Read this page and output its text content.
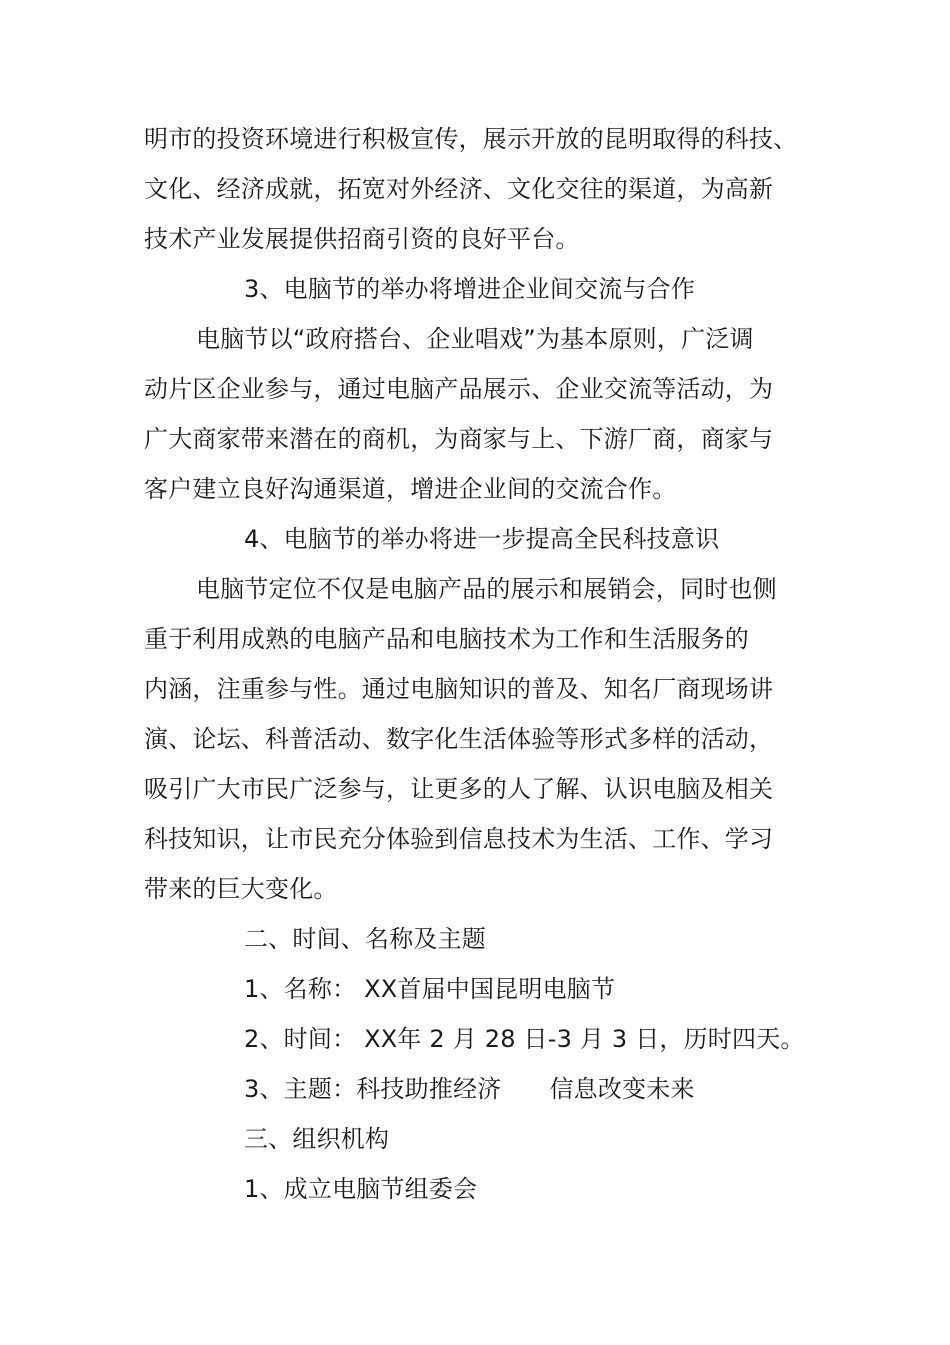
明市的投资环境进行积极宣传，展示开放的昆明取得的科技、
文化、经济成就，拓宽对外经济、文化交往的渠道，为高新
技术产业发展提供招商引资的良好平台。
3、电脑节的举办将增进企业间交流与合作
电脑节以“政府搭台、企业唱戏”为基本原则，广泛调
动片区企业参与，通过电脑产品展示、企业交流等活动，为
广大商家带来潜在的商机，为商家与上、下游厂商，商家与
客户建立良好沟通渠道，增进企业间的交流合作。
4、电脑节的举办将进一步提高全民科技意识
电脑节定位不仅是电脑产品的展示和展销会，同时也侧
重于利用成熟的电脑产品和电脑技术为工作和生活服务的
内涵，注重参与性。通过电脑知识的普及、知名厂商现场讲
演、论坛、科普活动、数字化生活体验等形式多样的活动，
吸引广大市民广泛参与，让更多的人了解、认识电脑及相关
科技知识，让市民充分体验到信息技术为生活、工作、学习
带来的巨大变化。
二、时间、名称及主题
1、名称： XX首届中国昆明电脑节
2、时间： XX年 2 月 28 日-3 月 3 日，历时四天。
3、主题：科技助推经济 信息改变未来
三、组织机构
1、成立电脑节组委会
